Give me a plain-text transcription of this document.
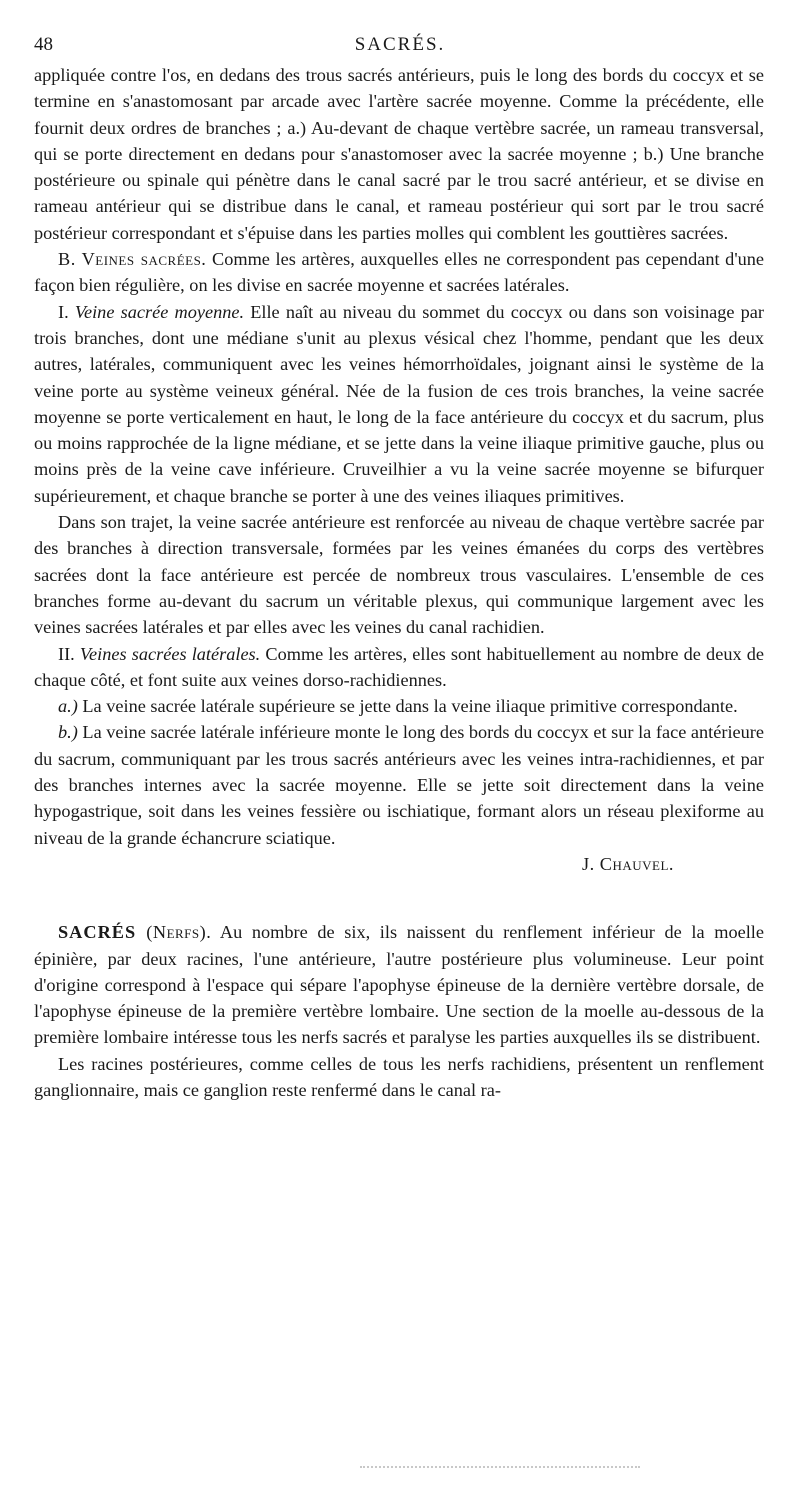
48	SACRÉS.

appliquée contre l'os, en dedans des trous sacrés antérieurs, puis le long des bords du coccyx et se termine en s'anastomosant par arcade avec l'artère sacrée moyenne. Comme la précédente, elle fournit deux ordres de branches ; a.) Au-devant de chaque vertèbre sacrée, un rameau transversal, qui se porte directement en dedans pour s'anastomoser avec la sacrée moyenne ; b.) Une branche postérieure ou spinale qui pénètre dans le canal sacré par le trou sacré antérieur, et se divise en rameau antérieur qui se distribue dans le canal, et rameau postérieur qui sort par le trou sacré postérieur correspondant et s'épuise dans les parties molles qui comblent les gouttières sacrées.

B. Veines sacrées. Comme les artères, auxquelles elles ne correspondent pas cependant d'une façon bien régulière, on les divise en sacrée moyenne et sacrées latérales.

I. Veine sacrée moyenne. Elle naît au niveau du sommet du coccyx ou dans son voisinage par trois branches, dont une médiane s'unit au plexus vésical chez l'homme, pendant que les deux autres, latérales, communiquent avec les veines hémorrhoïdales, joignant ainsi le système de la veine porte au système veineux général. Née de la fusion de ces trois branches, la veine sacrée moyenne se porte verticalement en haut, le long de la face antérieure du coccyx et du sacrum, plus ou moins rapprochée de la ligne médiane, et se jette dans la veine iliaque primitive gauche, plus ou moins près de la veine cave inférieure. Cruveilhier a vu la veine sacrée moyenne se bifurquer supérieurement, et chaque branche se porter à une des veines iliaques primitives.

Dans son trajet, la veine sacrée antérieure est renforcée au niveau de chaque vertèbre sacrée par des branches à direction transversale, formées par les veines émanées du corps des vertèbres sacrées dont la face antérieure est percée de nombreux trous vasculaires. L'ensemble de ces branches forme au-devant du sacrum un véritable plexus, qui communique largement avec les veines sacrées latérales et par elles avec les veines du canal rachidien.

II. Veines sacrées latérales. Comme les artères, elles sont habituellement au nombre de deux de chaque côté, et font suite aux veines dorso-rachidiennes.

a.) La veine sacrée latérale supérieure se jette dans la veine iliaque primitive correspondante.

b.) La veine sacrée latérale inférieure monte le long des bords du coccyx et sur la face antérieure du sacrum, communiquant par les trous sacrés antérieurs avec les veines intra-rachidiennes, et par des branches internes avec la sacrée moyenne. Elle se jette soit directement dans la veine hypogastrique, soit dans les veines fessière ou ischiatique, formant alors un réseau plexiforme au niveau de la grande échancrure sciatique.

J. Chauvel.

SACRÉS (Nerfs). Au nombre de six, ils naissent du renflement inférieur de la moelle épinière, par deux racines, l'une antérieure, l'autre postérieure plus volumineuse. Leur point d'origine correspond à l'espace qui sépare l'apophyse épineuse de la dernière vertèbre dorsale, de l'apophyse épineuse de la première vertèbre lombaire. Une section de la moelle au-dessous de la première lombaire intéresse tous les nerfs sacrés et paralyse les parties auxquelles ils se distribuent.

Les racines postérieures, comme celles de tous les nerfs rachidiens, présentent un renflement ganglionnaire, mais ce ganglion reste renfermé dans le canal ra-
